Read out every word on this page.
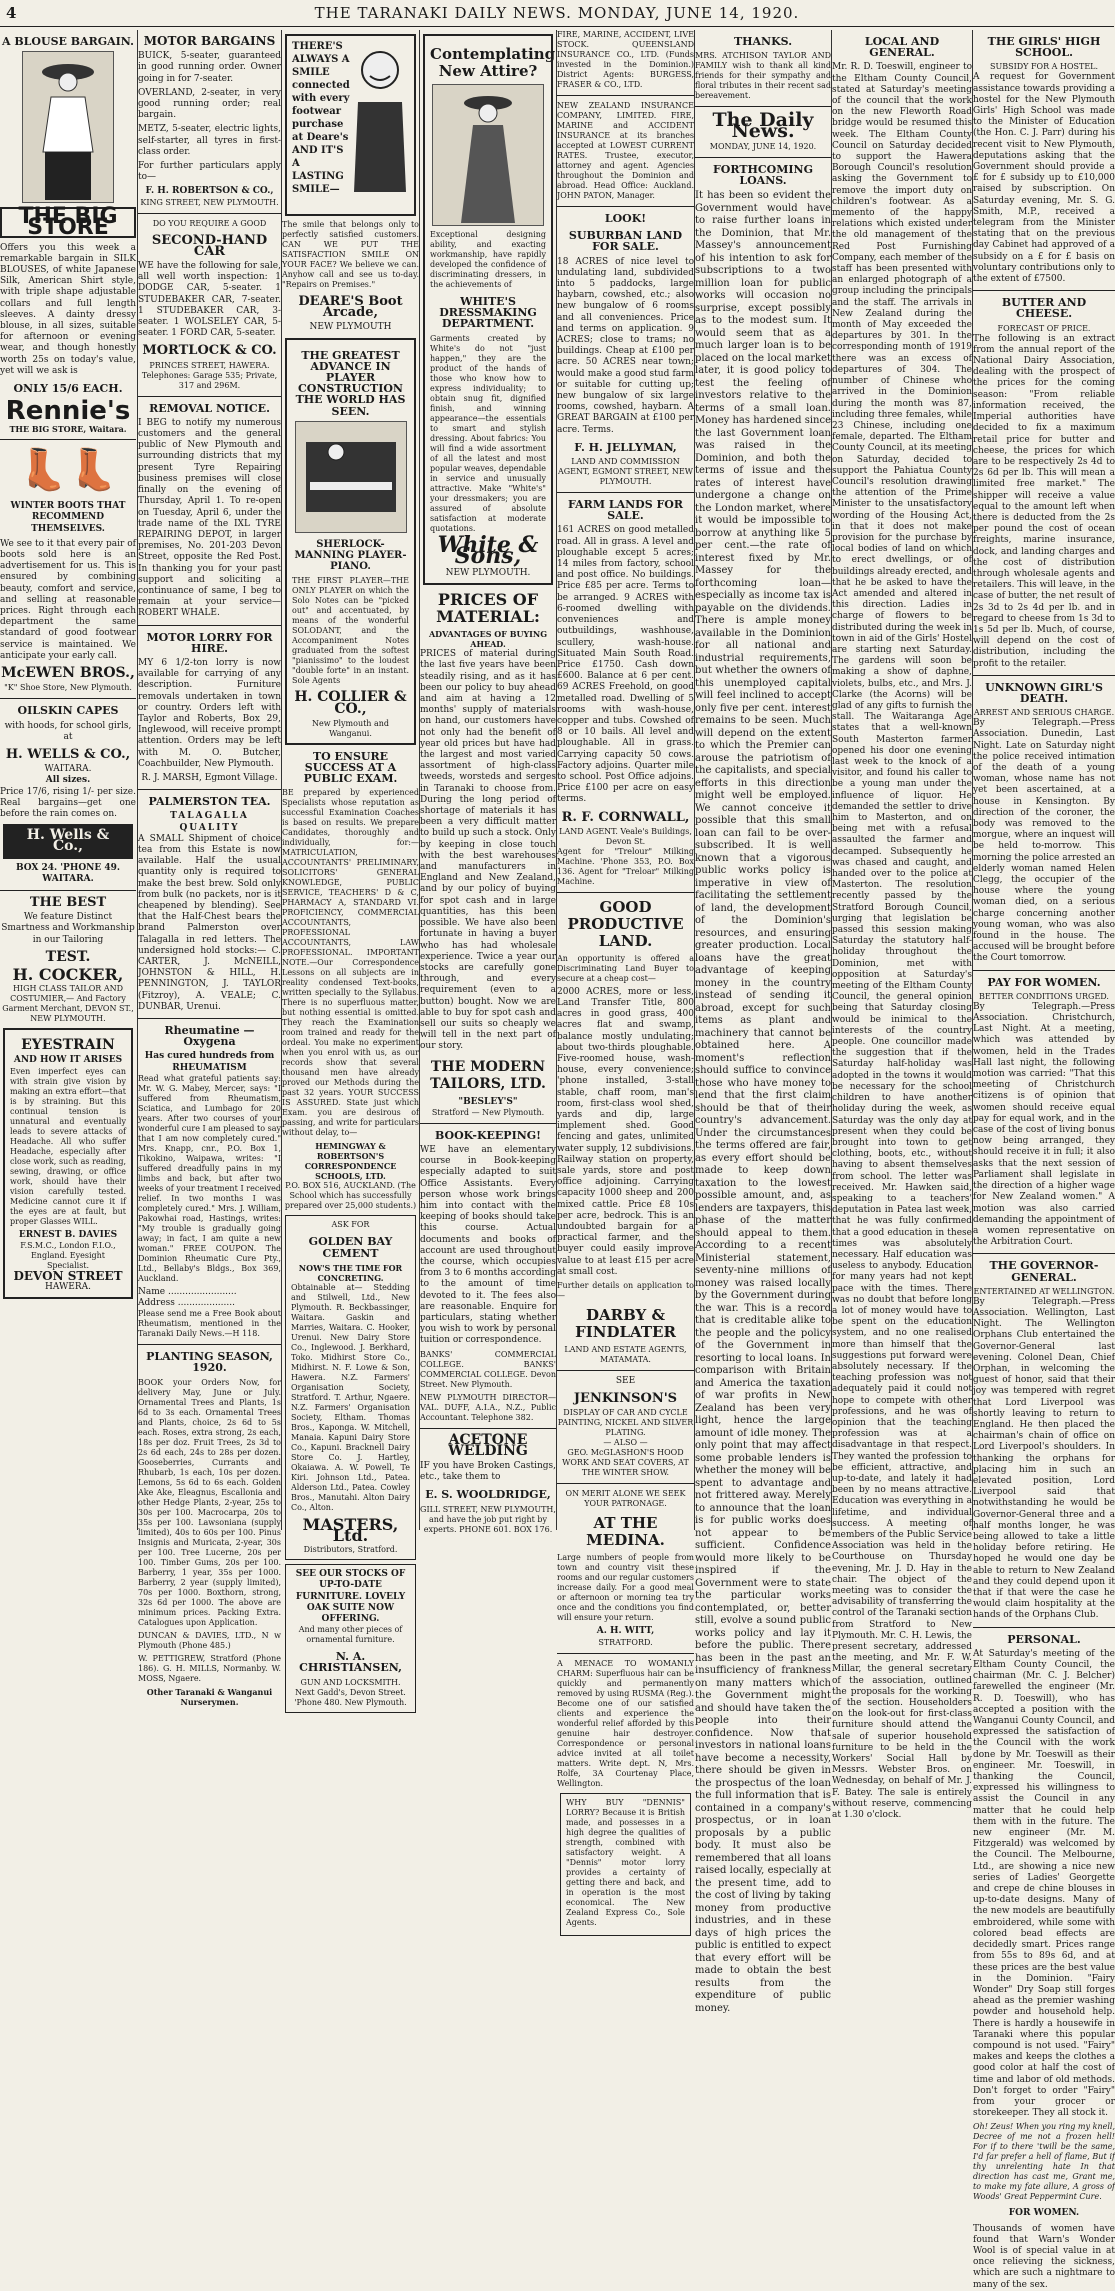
4	THE TARANAKI DAILY NEWS. MONDAY, JUNE 14, 1920.
A BLOUSE BARGAIN.
THE BIG STORE

Offers you this week a remarkable bargain in SILK BLOUSES, of white Japanese Silk, American Shirt style, with triple shape adjustable collars and full length sleeves. A dainty dressy blouse, in all sizes, suitable for afternoon or evening wear, and though honestly worth 25s on today's value, yet will we ask is

ONLY 15/6 EACH.
Rennie's
THE BIG STORE, Waitara.
👢👢
WINTER BOOTS THAT RECOMMEND THEMSELVES.

We see to it that every pair of boots sold here is an advertisement for us. This is ensured by combining beauty, comfort and service, and selling at reasonable prices. Right through each department the same standard of good footwear service is maintained. We anticipate your early call.

McEWEN BROS.,
"K" Shoe Store, New Plymouth.
OILSKIN CAPES
with hoods, for school girls, at
H. WELLS & CO.,
WAITARA.
All sizes.

Price 17/6, rising 1/- per size. Real bargains—get one before the rain comes on.

H. Wells & Co.,
BOX 24. 'PHONE 49.
WAITARA.
THE BEST
We feature Distinct Smartness and Workmanship in our Tailoring
TEST.
H. COCKER,
HIGH CLASS TAILOR AND COSTUMIER,— And Factory Garment Merchant, DEVON ST., NEW PLYMOUTH.
EYESTRAIN
AND HOW IT ARISES

Even imperfect eyes can with strain give vision by making an extra effort—that is by straining. But this continual tension is unnatural and eventually leads to severe attacks of Headache. All who suffer Headache, especially after close work, such as reading, sewing, drawing, or office work, should have their vision carefully tested. Medicine cannot cure it if the eyes are at fault, but proper Glasses WILL.

ERNEST B. DAVIES
F.S.M.C., London F.I.O., England. Eyesight Specialist.
DEVON STREET
HAWERA.
MOTOR BARGAINS

BUICK, 5-seater, guaranteed in good running order. Owner going in for 7-seater.

OVERLAND, 2-seater, in very good running order; real bargain.

METZ, 5-seater, electric lights, self-starter, all tyres in first-class order.

For further particulars apply to—

F. H. ROBERTSON & CO.,
KING STREET, NEW PLYMOUTH.
DO YOU REQUIRE A GOOD
SECOND-HAND CAR

WE have the following for sale, all well worth inspection: 1 DODGE CAR, 5-seater. 1 STUDEBAKER CAR, 7-seater. 1 STUDEBAKER CAR, 3-seater. 1 WOLSELEY CAR, 5-seater. 1 FORD CAR, 5-seater.

MORTLOCK & CO.
PRINCES STREET, HAWERA. Telephones: Garage 535; Private, 317 and 296M.
REMOVAL NOTICE.

I BEG to notify my numerous customers and the general public of New Plymouth and surrounding districts that my present Tyre Repairing business premises will close finally on the evening of Thursday, April 1. To re-open on Tuesday, April 6, under the trade name of the IXL TYRE REPAIRING DEPOT, in larger premises, No. 201-203 Devon Street, opposite the Red Post. In thanking you for your past support and soliciting a continuance of same, I beg to remain at your service— ROBERT WHALE.

MOTOR LORRY FOR HIRE.

MY 6 1/2-ton lorry is now available for carrying of any description. Furniture removals undertaken in town or country. Orders left with Taylor and Roberts, Box 29, Inglewood, will receive prompt attention. Orders may be left with M. O. Butcher, Coachbuilder, New Plymouth.

R. J. MARSH, Egmont Village.
PALMERSTON TEA.
TALAGALLA QUALITY

A SMALL Shipment of choice tea from this Estate is now available. Half the usual quantity only is required to make the best brew. Sold only from bulk (no packets, nor is it cheapened by blending). See that the Half-Chest bears the brand Palmerston over Talagalla in red letters. The undersigned hold stocks:— C. CARTER, J. McNEILL, JOHNSTON & HILL, H. PENNINGTON, J. TAYLOR (Fitzroy), A. VEALE; C. DUNBAR, Urenui.

Rheumatine — Oxygena
Has cured hundreds from RHEUMATISM

Read what grateful patients say: Mr. W. G. Mabey, Mercer, says: "I suffered from Rheumatism, Sciatica, and Lumbago for 20 years. After two courses of your wonderful cure I am pleased to say that I am now completely cured." Mrs. Knapp, cnr., P.O. Box 1, Tikokino, Waipawa, writes: "I suffered dreadfully pains in my limbs and back, but after two weeks of your treatment I received relief. In two months I was completely cured." Mrs. J. William, Pakowhai road, Hastings, writes: "My trouble is gradually going away; in fact, I am quite a new woman." FREE COUPON. The Dominion Rheumatic Cure Pty., Ltd., Bellaby's Bldgs., Box 369, Auckland.

Name ........................
Address ....................

Please send me a Free Book about Rheumatism, mentioned in the Taranaki Daily News.—H 118.

PLANTING SEASON, 1920.

BOOK your Orders Now, for delivery May, June or July. Ornamental Trees and Plants, 1s 6d to 3s each. Ornamental Trees and Plants, choice, 2s 6d to 5s each. Roses, extra strong, 2s each, 18s per doz. Fruit Trees, 2s 3d to 2s 6d each, 24s to 28s per dozen. Gooseberries, Currants and Rhubarb, 1s each, 10s per dozen. Lemons, 5s 6d to 6s each. Golden Ake Ake, Eleagnus, Escallonia and other Hedge Plants, 2-year, 25s to 30s per 100. Macrocarpa, 20s to 35s per 100. Lawsoniana (supply limited), 40s to 60s per 100. Pinus Insignis and Muricata, 2-year, 30s per 100. Tree Lucerne, 20s per 100. Timber Gums, 20s per 100. Barberry, 1 year, 35s per 1000. Barberry, 2 year (supply limited), 70s per 1000. Boxthorn, strong, 32s 6d per 1000. The above are minimum prices. Packing Extra. Catalogues upon Application.

DUNCAN & DAVIES, LTD., N w Plymouth (Phone 485.)

W. PETTIGREW, Stratford (Phone 186). G. H. MILLS, Normanby. W. MOSS, Ngaere.

Other Taranaki & Wanganui Nurserymen.
THERE'S ALWAYS A SMILE connected with every footwear purchase at Deare's AND IT'S A LASTING SMILE—

The smile that belongs only to perfectly satisfied customers. CAN WE PUT THE SATISFACTION SMILE ON YOUR FACE? We believe we can. Anyhow call and see us to-day. "Repairs on Premises."

DEARE'S Boot Arcade,
NEW PLYMOUTH
THE GREATEST ADVANCE IN PLAYER CONSTRUCTION THE WORLD HAS SEEN.
SHERLOCK-MANNING PLAYER-PIANO.

THE FIRST PLAYER—THE ONLY PLAYER on which the Solo Notes can be "picked out" and accentuated, by means of the wonderful SOLODANT, and the Accompaniment Notes graduated from the softest "pianissimo" to the loudest "double forte" in an instant. Sole Agents

H. COLLIER & CO.,
New Plymouth and Wanganui.
TO ENSURE SUCCESS AT A PUBLIC EXAM.

BE prepared by experienced Specialists whose reputation as successful Examination Coaches is based on results. We prepare Candidates, thoroughly and individually, for:—MATRICULATION, ACCOUNTANTS' PRELIMINARY, SOLICITORS' GENERAL KNOWLEDGE, PUBLIC SERVICE, TEACHERS' D & C, PHARMACY A, STANDARD VI. PROFICIENCY, COMMERCIAL ACCOUNTANTS, PROFESSIONAL ACCOUNTANTS, LAW PROFESSIONAL. IMPORTANT NOTE.—Our Correspondence Lessons on all subjects are in reality condensed Text-books, written specially to the Syllabus. There is no superfluous matter, but nothing essential is omitted. They reach the Examination room trained and ready for the ordeal. You make no experiment when you enrol with us, as our records show that several thousand men have already proved our Methods during the past 32 years. YOUR SUCCESS IS ASSURED. State just which Exam. you are desirous of passing, and write for particulars without delay, to—

HEMINGWAY & ROBERTSON'S CORRESPONDENCE SCHOOLS, LTD.
P.O. BOX 516, AUCKLAND. (The School which has successfully prepared over 25,000 students.)
ASK FOR
GOLDEN BAY CEMENT
NOW'S THE TIME FOR CONCRETING.

Obtainable at— Stedding and Stilwell, Ltd., New Plymouth. R. Beckbassinger, Waitara. Gaskin and Marries, Waitara. C. Hooker, Urenui. New Dairy Store Co., Inglewood. J. Berkhard, Toko. Midhirst Store Co., Midhirst. N. F. Lowe & Son, Hawera. N.Z. Farmers' Organisation Society, Stratford. T. Arthur, Ngaere. N.Z. Farmers' Organisation Society, Eltham. Thomas Bros., Kaponga. W. Mitchell, Manaia. Kapuni Dairy Store Co., Kapuni. Bracknell Dairy Store Co. J. Hartley, Okaiawa. A. W. Powell, Te Kiri. Johnson Ltd., Patea. Alderson Ltd., Patea. Cowley Bros., Manutahi. Alton Dairy Co., Alton.

MASTERS, Ltd.
Distributors, Stratford.
SEE OUR STOCKS OF UP-TO-DATE FURNITURE. LOVELY OAK SUITE NOW OFFERING.
And many other pieces of ornamental furniture.
N. A. CHRISTIANSEN,
GUN AND LOCKSMITH. Next Gadd's, Devon Street. 'Phone 480. New Plymouth.
Contemplating New Attire?

Exceptional designing ability, and exacting workmanship, have rapidly developed the confidence of discriminating dressers, in the achievements of

WHITE'S DRESSMAKING DEPARTMENT.

Garments created by White's do not "just happen," they are the product of the hands of those who know how to express individuality; to obtain snug fit, dignified finish, and winning appearance—the essentials to smart and stylish dressing. About fabrics: You will find a wide assortment of all the latest and most popular weaves, dependable in service and unusually attractive. Make "White's" your dressmakers; you are assured of absolute satisfaction at moderate quotations.

White & Sons,
NEW PLYMOUTH.
PRICES OF MATERIAL:
ADVANTAGES OF BUYING AHEAD.

PRICES of material during the last five years have been steadily rising, and as it has been our policy to buy ahead and aim at having a 12 months' supply of materials on hand, our customers have not only had the benefit of year old prices but have had the largest and most varied assortment of high-class tweeds, worsteds and serges in Taranaki to choose from. During the long period of shortage of materials it has been a very difficult matter to build up such a stock. Only by keeping in close touch with the best warehouses and manufacturers in England and New Zealand, and by our policy of buying for spot cash and in large quantities, has this been possible. We have also been fortunate in having a buyer who has had wholesale experience. Twice a year our stocks are carefully gone through, and every requirement (even to a button) bought. Now we are able to buy for spot cash and sell our suits so cheaply we will tell in the next part of our story.

THE MODERN TAILORS, LTD.
"BESLEY'S"
Stratford — New Plymouth.
BOOK-KEEPING!

WE have an elementary course in Book-keeping especially adapted to suit Office Assistants. Every person whose work brings him into contact with the keeping of books should take this course. Actual documents and books of account are used throughout the course, which occupies from 3 to 6 months according to the amount of time devoted to it. The fees also are reasonable. Enquire for particulars, stating whether you wish to work by personal tuition or correspondence.

BANKS' COMMERCIAL COLLEGE. BANKS' COMMERCIAL COLLEGE. Devon Street. New Plymouth.

NEW PLYMOUTH DIRECTOR— VAL. DUFF, A.I.A., N.Z., Public Accountant. Telephone 382.

ACETONE WELDING

IF you have Broken Castings, etc., take them to

E. S. WOOLDRIDGE,
GILL STREET, NEW PLYMOUTH, and have the job put right by experts. PHONE 601. BOX 176.

FIRE, MARINE, ACCIDENT, LIVE STOCK. QUEENSLAND INSURANCE CO., LTD. (Funds invested in the Dominion.) District Agents: BURGESS, FRASER & CO., LTD.

NEW ZEALAND INSURANCE COMPANY, LIMITED. FIRE, MARINE and ACCIDENT INSURANCE at its branches accepted at LOWEST CURRENT RATES. Trustee, executor, attorney and agent. Agencies throughout the Dominion and abroad. Head Office: Auckland. JOHN PATON, Manager.

LOOK!
SUBURBAN LAND FOR SALE.

18 ACRES of nice level to undulating land, subdivided into 5 paddocks, large haybarn, cowshed, etc.; also new bungalow of 6 rooms and all conveniences. Price and terms on application. 9 ACRES; close to trams; no buildings. Cheap at £100 per acre. 50 ACRES near town; would make a good stud farm or suitable for cutting up; new bungalow of six large rooms, cowshed, haybarn. A GREAT BARGAIN at £100 per acre. Terms.

F. H. JELLYMAN,
LAND AND COMMISSION AGENT, EGMONT STREET, NEW PLYMOUTH.
FARM LANDS FOR SALE.

161 ACRES on good metalled road. All in grass. A level and ploughable except 5 acres; 14 miles from factory, school and post office. No buildings. Price £85 per acre. Terms to be arranged. 9 ACRES with 6-roomed dwelling with conveniences and outbuildings, washhouse, scullery, wash-house. Situated Main South Road. Price £1750. Cash down £600. Balance at 6 per cent. 69 ACRES Freehold, on good metalled road. Dwelling of 5 rooms with wash-house, copper and tubs. Cowshed of 8 or 10 bails. All level and ploughable. All in grass. Carrying capacity 50 cows. Factory adjoins. Quarter mile to school. Post Office adjoins. Price £100 per acre on easy terms.

R. F. CORNWALL,
LAND AGENT. Veale's Buildings, Devon St.

Agent for "Trelour" Milking Machine. 'Phone 353, P.O. Box 136. Agent for "Treloar" Milking Machine.

GOOD PRODUCTIVE LAND.

An opportunity is offered a Discriminating Land Buyer to secure at a cheap cost—

2000 ACRES, more or less, Land Transfer Title, 800 acres in good grass, 400 acres flat and swamp, balance mostly undulating; about two-thirds ploughable. Five-roomed house, wash-house, every convenience; 'phone installed, 3-stall stable, chaff room, man's room, first-class wool shed, yards and dip, large implement shed. Good fencing and gates, unlimited water supply, 12 subdivisions. Railway station on property, sale yards, store and post office adjoining. Carrying capacity 1000 sheep and 200 mixed cattle. Price £8 10s per acre, bedrock. This is an undoubted bargain for a practical farmer, and the buyer could easily improve value to at least £15 per acre at small cost.

Further details on application to—

DARBY & FINDLATER
LAND AND ESTATE AGENTS, MATAMATA.
SEE
JENKINSON'S
DISPLAY OF CAR AND CYCLE PAINTING, NICKEL AND SILVER PLATING.
— ALSO —
GEO. McGLASHON'S HOOD WORK AND SEAT COVERS, AT THE WINTER SHOW.
ON MERIT ALONE WE SEEK YOUR PATRONAGE.
AT THE MEDINA.

Large numbers of people from town and country visit these rooms and our regular customers increase daily. For a good meal or afternoon or morning tea try once and the conditions you find will ensure your return.

A. H. WITT,
STRATFORD.

A MENACE TO WOMANLY CHARM: Superfluous hair can be quickly and permanently removed by using RUSMA (Reg.). Become one of our satisfied clients and experience the wonderful relief afforded by this genuine hair destroyer. Correspondence or personal advice invited at all toilet matters. Write dept. N, Mrs. Rolfe, 3A Courtenay Place, Wellington.

WHY BUY "DENNIS" LORRY? Because it is British made, and possesses in a high degree the qualities of strength, combined with satisfactory weight. A "Dennis" motor lorry provides a certainty of getting there and back, and in operation is the most economical. The New Zealand Express Co., Sole Agents.

THANKS.

MRS. ATCHISON TAYLOR AND FAMILY wish to thank all kind friends for their sympathy and floral tributes in their recent sad bereavement.

The Daily News.
MONDAY, JUNE 14, 1920.
FORTHCOMING LOANS.

It has been so evident the Government would have to raise further loans in the Dominion, that Mr. Massey's announcement of his intention to ask for subscriptions to a two million loan for public works will occasion no surprise, except possibly as to the modest sum. It would seem that as a much larger loan is to be placed on the local market later, it is good policy to test the feeling of investors relative to the terms of a small loan. Money has hardened since the last Government loan was raised in the Dominion, and both the terms of issue and the rates of interest have undergone a change on the London market, where it would be impossible to borrow at anything like 5 per cent.—the rate of interest fixed by Mr. Massey for the forthcoming loan—especially as income tax is payable on the dividends. There is ample money available in the Dominion for all national and industrial requirements, but whether the owners of this unemployed capital will feel inclined to accept only five per cent. interest remains to be seen. Much will depend on the extent to which the Premier can arouse the patriotism of the capitalists, and special efforts in this direction might well be employed. We cannot conceive it possible that this small loan can fail to be over-subscribed. It is well known that a vigorous public works policy is imperative in view of facilitating the settlement of land, the development of the Dominion's resources, and ensuring greater production. Local loans have the great advantage of keeping money in the country instead of sending it abroad, except for such items as plant and machinery that cannot be obtained here. A moment's reflection should suffice to convince those who have money to lend that the first claim should be that of their country's advancement. Under the circumstances the terms offered are fair, as every effort should be made to keep down taxation to the lowest possible amount, and, as lenders are taxpayers, this phase of the matter should appeal to them. According to a recent Ministerial statement, seventy-nine millions of money was raised locally by the Government during the war. This is a record that is creditable alike to the people and the policy of the Government in resorting to local loans. In comparison with Britain and America the taxation of war profits in New Zealand has been very light, hence the large amount of idle money. The only point that may affect some probable lenders is whether the money will be spent to advantage and not frittered away. Merely to announce that the loan is for public works does not appear to be sufficient. Confidence would more likely to be inspired if the Government were to state the particular works contemplated, or, better still, evolve a sound public works policy and lay it before the public. There has been in the past an insufficiency of frankness on many matters which the Government might and should have taken the people into their confidence. Now that investors in national loans have become a necessity, there should be given in the prospectus of the loan the full information that is contained in a company's prospectus, or in loan proposals by a public body. It must also be remembered that all loans raised locally, especially at the present time, add to the cost of living by taking money from productive industries, and in these days of high prices the public is entitled to expect that every effort will be made to obtain the best results from the expenditure of public money.

LOCAL AND GENERAL.

Mr. R. D. Toeswill, engineer to the Eltham County Council, stated at Saturday's meeting of the council that the work on the new Fleworth Road bridge would be resumed this week. The Eltham County Council on Saturday decided to support the Hawera Borough Council's resolution asking the Government to remove the import duty on children's footwear. As a memento of the happy relations which existed under the old management of the Red Post Furnishing Company, each member of the staff has been presented with an enlarged photograph of a group including the principals and the staff. The arrivals in New Zealand during the month of May exceeded the departures by 301. In the corresponding month of 1919 there was an excess of departures of 304. The number of Chinese who arrived in the Dominion during the month was 87, including three females, while 23 Chinese, including one female, departed. The Eltham County Council, at its meeting on Saturday, decided to support the Pahiatua County Council's resolution drawing the attention of the Prime Minister to the unsatisfactory wording of the Housing Act, in that it does not make provision for the purchase by local bodies of land on which to erect dwellings, or of buildings already erected, and that he be asked to have the Act amended and altered in this direction. Ladies in charge of flowers to be distributed during the week in town in aid of the Girls' Hostel are starting next Saturday. The gardens will soon be making a show of daphne, violets, bulbs, etc., and Mrs. J. Clarke (the Acorns) will be glad of any gifts to furnish the stall. The Waitaranga Age states that a well-known South Masterton farmer opened his door one evening last week to the knock of a visitor, and found his caller to be a young man under the influence of liquor. He demanded the settler to drive him to Masterton, and on being met with a refusal assaulted the farmer and decamped. Subsequently he was chased and caught, and handed over to the police at Masterton. The resolution recently passed by the Stratford Borough Council, urging that legislation be passed this session making Saturday the statutory half-holiday throughout the Dominion, met with opposition at Saturday's meeting of the Eltham County Council, the general opinion being that Saturday closing would be inimical to the interests of the country people. One councillor made the suggestion that if the Saturday half-holiday was adopted in the towns it would be necessary for the school children to have another holiday during the week, as Saturday was the only day at present when they could be brought into town to get clothing, boots, etc., without having to absent themselves from school. The letter was received. Mr. Hawken said, speaking to a teachers' deputation in Patea last week, that he was fully confirmed that a good education in these times was absolutely necessary. Half education was useless to anybody. Education for many years had not kept pace with the times. There was no doubt that before long a lot of money would have to be spent on the education system, and no one realised more than himself that the suggestions put forward were absolutely necessary. If the teaching profession was not adequately paid it could not hope to compete with other professions, and he was of opinion that the teaching profession was at a disadvantage in that respect. They wanted the profession to be efficient, attractive, and up-to-date, and lately it had been by no means attractive. Education was everything in a lifetime, and individual success. A meeting of members of the Public Service Association was held in the Courthouse on Thursday evening, Mr. J. D. Hay in the chair. The object of the meeting was to consider the advisability of transferring the control of the Taranaki section from Stratford to New Plymouth. Mr. C. H. Lewis, the present secretary, addressed the meeting, and Mr. F. W. Millar, the general secretary of the association, outlined the proposals for the working of the section. Householders on the look-out for first-class furniture should attend the sale of superior household furniture to be held in the Workers' Social Hall by Messrs. Webster Bros. on Wednesday, on behalf of Mr. J. F. Batey. The sale is entirely without reserve, commencing at 1.30 o'clock.

THE GIRLS' HIGH SCHOOL.
SUBSIDY FOR A HOSTEL.

A request for Government assistance towards providing a hostel for the New Plymouth Girls' High School was made to the Minister of Education (the Hon. C. J. Parr) during his recent visit to New Plymouth, deputations asking that the Government should provide a £ for £ subsidy up to £10,000 raised by subscription. On Saturday evening, Mr. S. G. Smith, M.P., received a telegram from the Minister stating that on the previous day Cabinet had approved of a subsidy on a £ for £ basis on voluntary contributions only to the extent of £7500.

BUTTER AND CHEESE.
FORECAST OF PRICE.

The following is an extract from the annual report of the National Dairy Association, dealing with the prospect of the prices for the coming season: "From reliable information received, the Imperial authorities have decided to fix a maximum retail price for butter and cheese, the prices for which are to be respectively 2s 4d to 2s 6d per lb. This will mean a limited free market." The shipper will receive a value equal to the amount left when there is deducted from the 2s per pound the cost of ocean freights, marine insurance, dock, and landing charges and the cost of distribution through wholesale agents and retailers. This will leave, in the case of butter, the net result of 2s 3d to 2s 4d per lb. and in regard to cheese from 1s 3d to 1s 5d per lb. Much, of course, will depend on the cost of distribution, including the profit to the retailer.

UNKNOWN GIRL'S DEATH.
ARREST AND SERIOUS CHARGE.

By Telegraph.—Press Association. Dunedin, Last Night. Late on Saturday night the police received intimation of the death of a young woman, whose name has not yet been ascertained, at a house in Kensington. By direction of the coroner, the body was removed to the morgue, where an inquest will be held to-morrow. This morning the police arrested an elderly woman named Helen Clegg, the occupier of the house where the young woman died, on a serious charge concerning another young woman, who was also found in the house. The accused will be brought before the Court tomorrow.

PAY FOR WOMEN.
BETTER CONDITIONS URGED.

By Telegraph.—Press Association. Christchurch, Last Night. At a meeting, which was attended by women, held in the Trades Hall last night, the following motion was carried: "That this meeting of Christchurch citizens is of opinion that women should receive equal pay for equal work, and in the case of the cost of living bonus now being arranged, they should receive it in full; it also asks that the next session of Parliament shall legislate in the direction of a higher wage for New Zealand women." A motion was also carried demanding the appointment of a women representative on the Arbitration Court.

THE GOVERNOR-GENERAL.
ENTERTAINED AT WELLINGTON.

By Telegraph.—Press Association. Wellington, Last Night. The Wellington Orphans Club entertained the Governor-General last evening. Colonel Dean, Chief Orphan, in welcoming the guest of honor, said that their joy was tempered with regret that Lord Liverpool was shortly leaving to return to England. He then placed the chairman's chain of office on Lord Liverpool's shoulders. In thanking the orphans for placing him in such an elevated position, Lord Liverpool said that notwithstanding he would be Governor-General three and a half months longer, he was being allowed to take a little holiday before retiring. He hoped he would one day be able to return to New Zealand and they could depend upon it that if that were the case he would claim hospitality at the hands of the Orphans Club.

PERSONAL.

At Saturday's meeting of the Eltham County Council, the chairman (Mr. C. J. Belcher) farewelled the engineer (Mr. R. D. Toeswill), who has accepted a position with the Wanganui County Council, and expressed the satisfaction of the Council with the work done by Mr. Toeswill as their engineer. Mr. Toeswill, in thanking the Council, expressed his willingness to assist the Council in any matter that he could help them with in the future. The new engineer (Mr. M. Fitzgerald) was welcomed by the Council. The Melbourne, Ltd., are showing a nice new series of Ladies' Georgette and crepe de chine blouses in up-to-date designs. Many of the new models are beautifully embroidered, while some with colored bead effects are decidedly smart. Prices range from 55s to 89s 6d, and at these prices are the best value in the Dominion. "Fairy Wonder" Dry Soap still forges ahead as the premier washing powder and household help. There is hardly a housewife in Taranaki where this popular compound is not used. "Fairy" makes and keeps the clothes a good color at half the cost of time and labor of old methods. Don't forget to order "Fairy" from your grocer or storekeeper. They all stock it.

Oh! Zeus! When you ring my knell, Decree of me not a frozen hell! For if to there 'twill be the same, I'd far prefer a hell of flame, But if thy unrelenting hate In that direction has cast me, Grant me, to make my fate allure, A gross of Woods' Great Peppermint Cure.

FOR WOMEN.

Thousands of women have found that Warn's Wonder Wool is of special value in at once relieving the sickness, which are such a nightmare to many of the sex.
